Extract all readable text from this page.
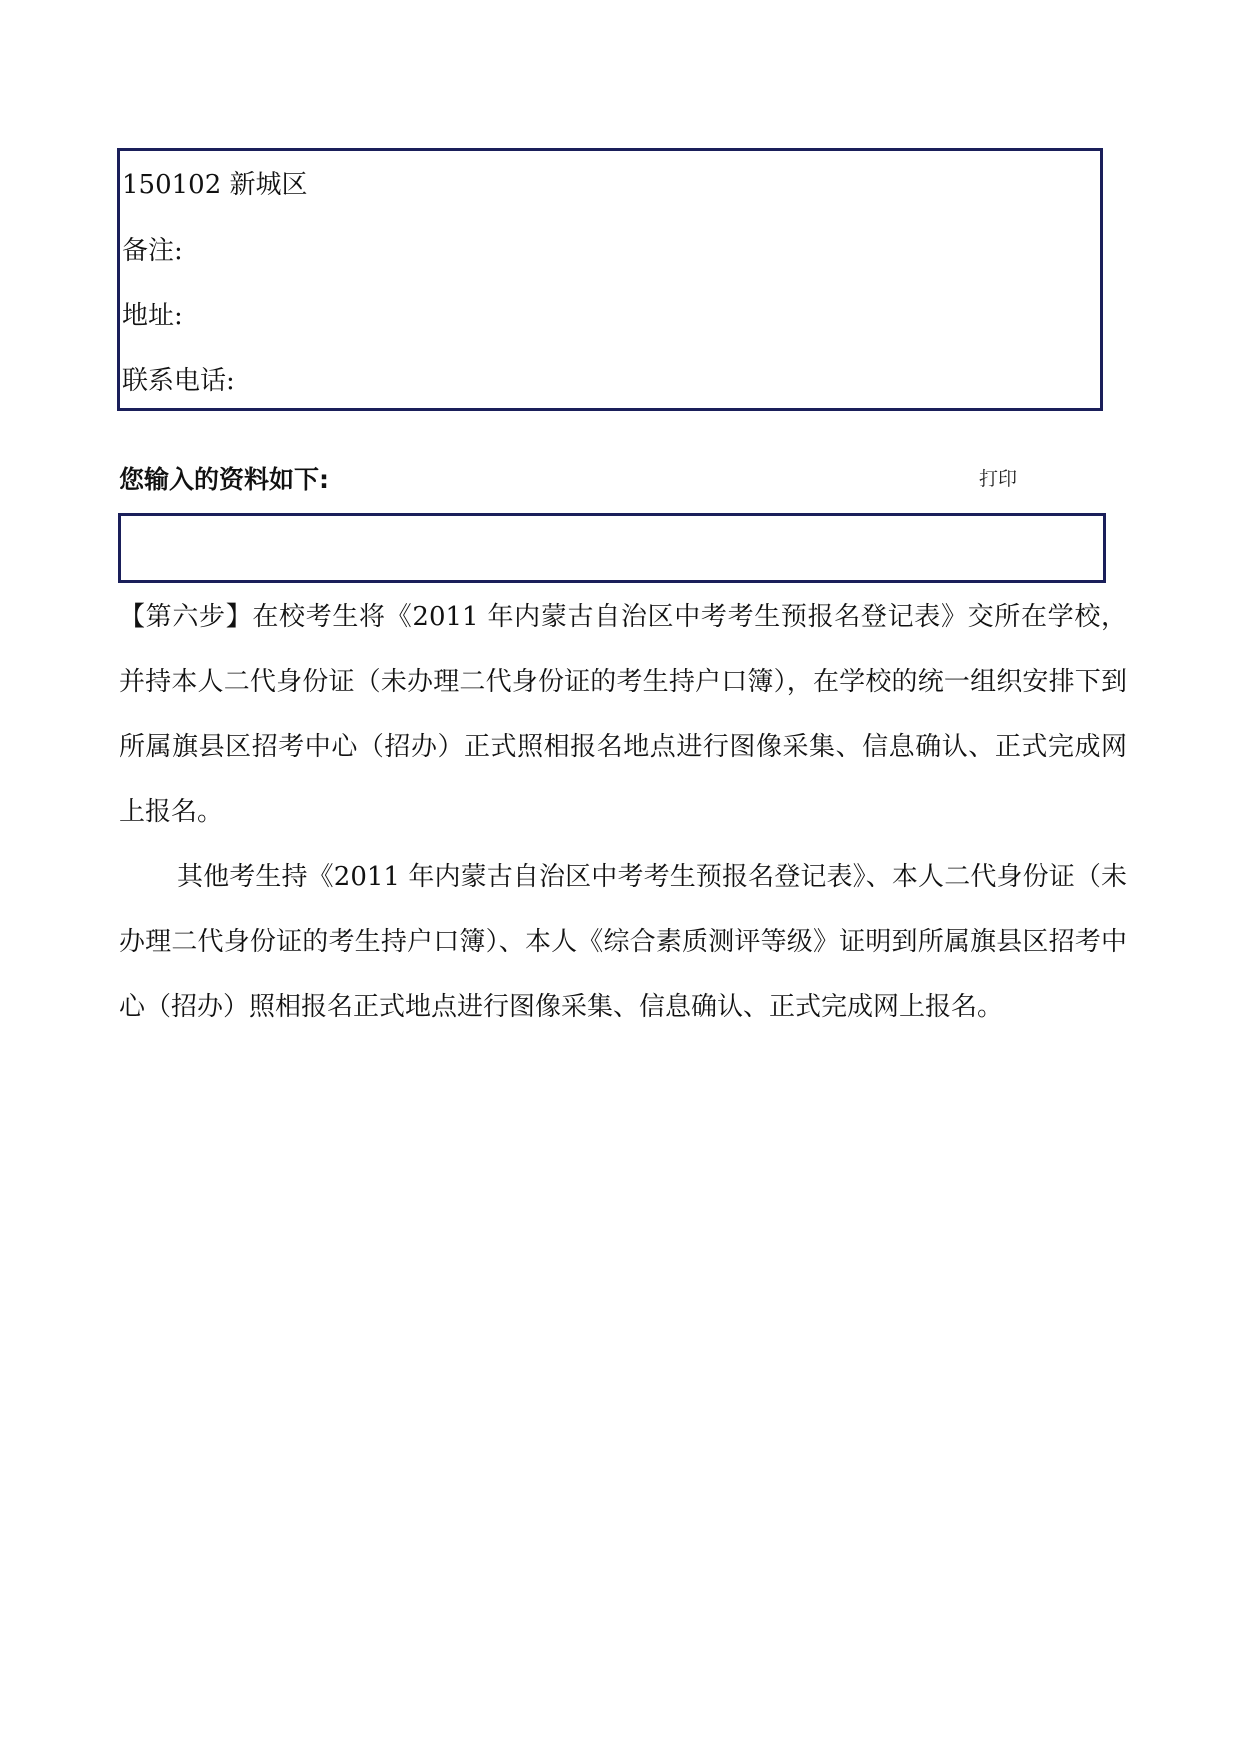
150102 新城区
备注:
地址:
联系电话:
您输入的资料如下:	打印

【第六步】在校考生将《2011 年内蒙古自治区中考考生预报名登记表》交所在学校，并持本人二代身份证（未办理二代身份证的考生持户口簿），在学校的统一组织安排下到所属旗县区招考中心（招办）正式照相报名地点进行图像采集、信息确认、正式完成网上报名。

其他考生持《2011 年内蒙古自治区中考考生预报名登记表》、本人二代身份证（未办理二代身份证的考生持户口簿）、本人《综合素质测评等级》证明到所属旗县区招考中心（招办）照相报名正式地点进行图像采集、信息确认、正式完成网上报名。
